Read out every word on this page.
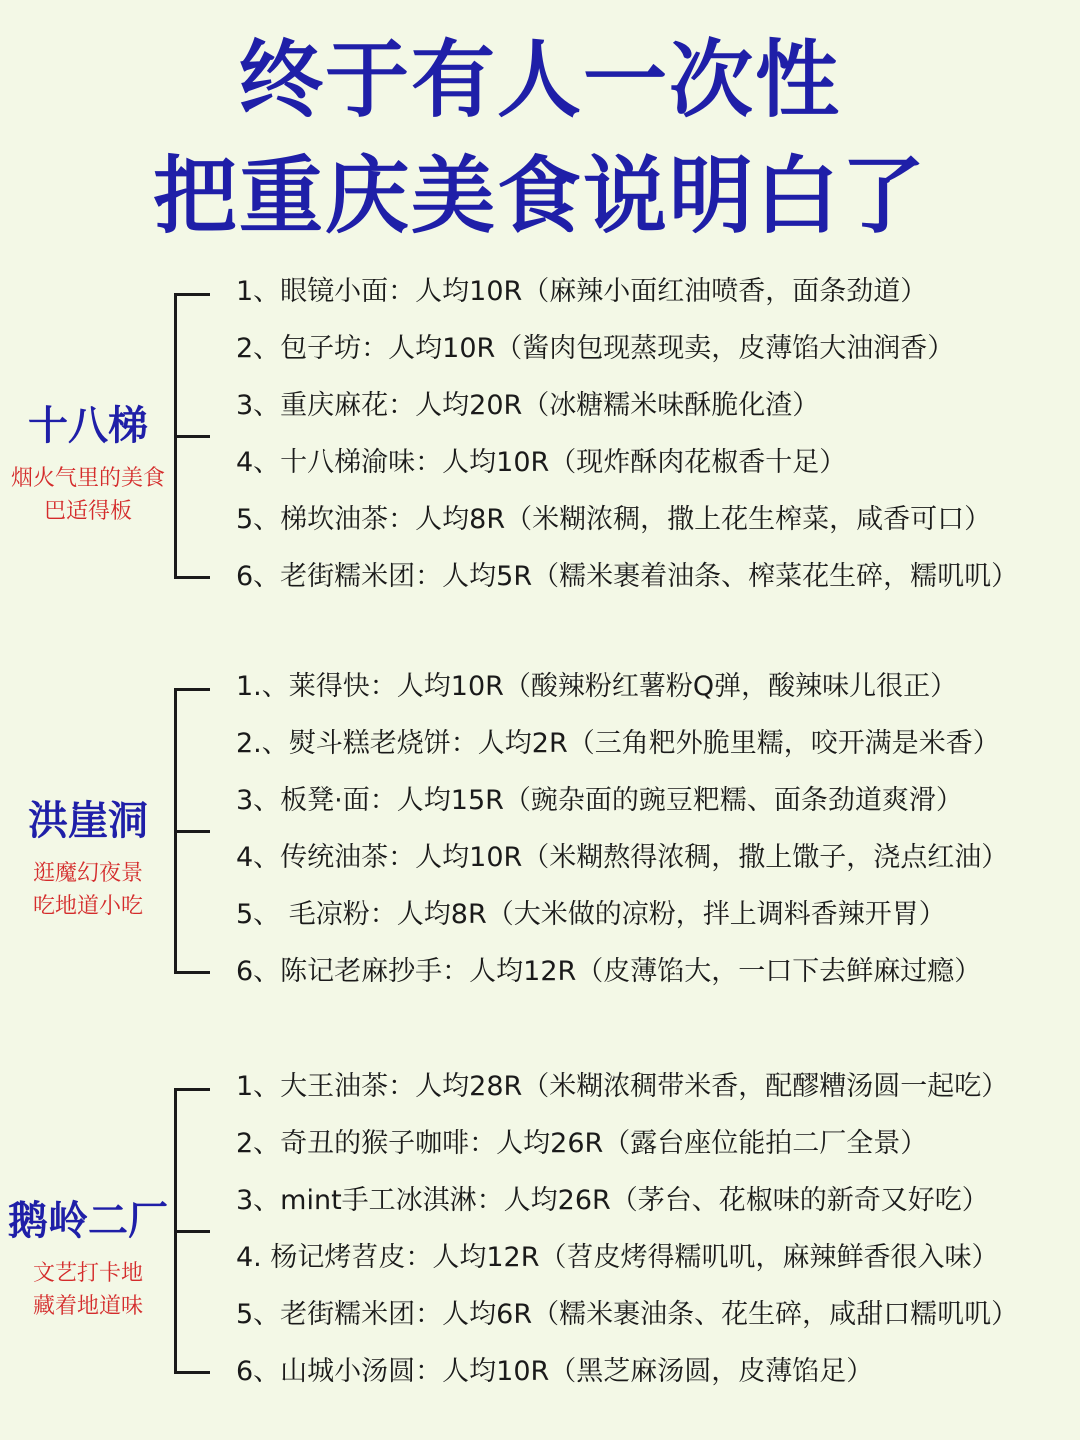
终于有人一次性
把重庆美食说明白了
十八梯
烟火气里的美食
巴适得板
1、眼镜小面：人均10R（麻辣小面红油喷香，面条劲道）
2、包子坊：人均10R（酱肉包现蒸现卖，皮薄馅大油润香）
3、重庆麻花：人均20R（冰糖糯米味酥脆化渣）
4、十八梯渝味：人均10R（现炸酥肉花椒香十足）
5、梯坎油茶：人均8R（米糊浓稠，撒上花生榨菜，咸香可口）
6、老街糯米团：人均5R（糯米裹着油条、榨菜花生碎，糯叽叽）
洪崖洞
逛魔幻夜景
吃地道小吃
1.、莱得快：人均10R（酸辣粉红薯粉Q弹，酸辣味儿很正）
2.、熨斗糕老烧饼：人均2R（三角粑外脆里糯，咬开满是米香）
3、板凳·面：人均15R（豌杂面的豌豆粑糯、面条劲道爽滑）
4、传统油茶：人均10R（米糊熬得浓稠，撒上馓子，浇点红油）
5、 毛凉粉：人均8R（大米做的凉粉，拌上调料香辣开胃）
6、陈记老麻抄手：人均12R（皮薄馅大，一口下去鲜麻过瘾）
鹅岭二厂
文艺打卡地
藏着地道味
1、大王油茶：人均28R（米糊浓稠带米香，配醪糟汤圆一起吃）
2、奇丑的猴子咖啡：人均26R（露台座位能拍二厂全景）
3、mint手工冰淇淋：人均26R（茅台、花椒味的新奇又好吃）
4. 杨记烤苕皮：人均12R（苕皮烤得糯叽叽，麻辣鲜香很入味）
5、老街糯米团：人均6R（糯米裹油条、花生碎，咸甜口糯叽叽）
6、山城小汤圆：人均10R（黑芝麻汤圆，皮薄馅足）
